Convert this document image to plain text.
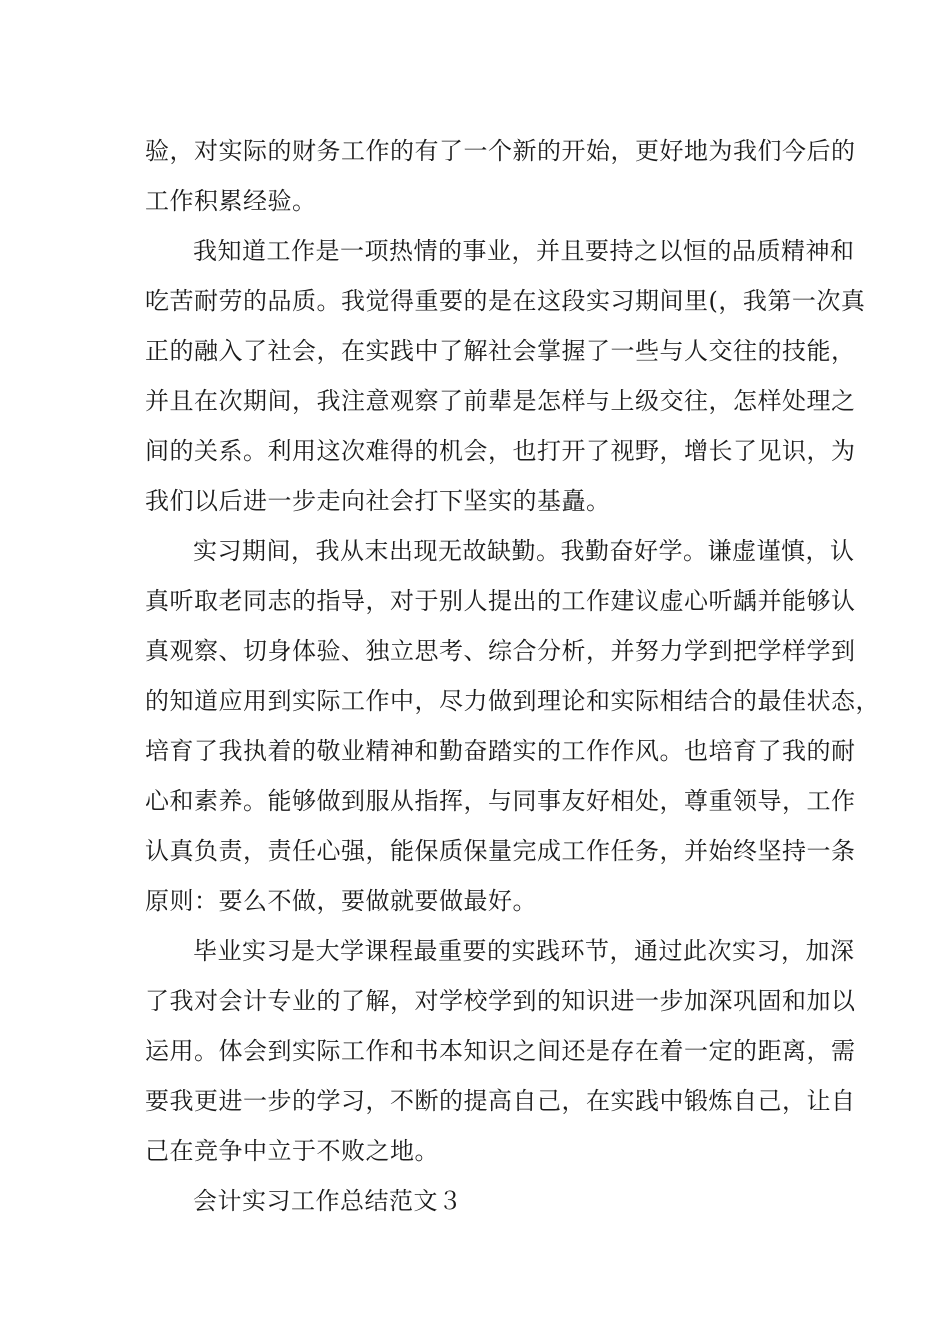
验，对实际的财务工作的有了一个新的开始，更好地为我们今后的
工作积累经验。
我知道工作是一项热情的事业，并且要持之以恒的品质精神和
吃苦耐劳的品质。我觉得重要的是在这段实习期间里(，我第一次真
正的融入了社会，在实践中了解社会掌握了一些与人交往的技能，
并且在次期间，我注意观察了前辈是怎样与上级交往，怎样处理之
间的关系。利用这次难得的机会，也打开了视野，增长了见识，为
我们以后进一步走向社会打下坚实的基矗。
实习期间，我从末出现无故缺勤。我勤奋好学。谦虚谨慎，认
真听取老同志的指导，对于别人提出的工作建议虚心听龋并能够认
真观察、切身体验、独立思考、综合分析，并努力学到把学样学到
的知道应用到实际工作中，尽力做到理论和实际相结合的最佳状态，
培育了我执着的敬业精神和勤奋踏实的工作作风。也培育了我的耐
心和素养。能够做到服从指挥，与同事友好相处，尊重领导，工作
认真负责，责任心强，能保质保量完成工作任务，并始终坚持一条
原则：要么不做，要做就要做最好。
毕业实习是大学课程最重要的实践环节，通过此次实习，加深
了我对会计专业的了解，对学校学到的知识进一步加深巩固和加以
运用。体会到实际工作和书本知识之间还是存在着一定的距离，需
要我更进一步的学习，不断的提高自己，在实践中锻炼自己，让自
己在竞争中立于不败之地。
会计实习工作总结范文３
